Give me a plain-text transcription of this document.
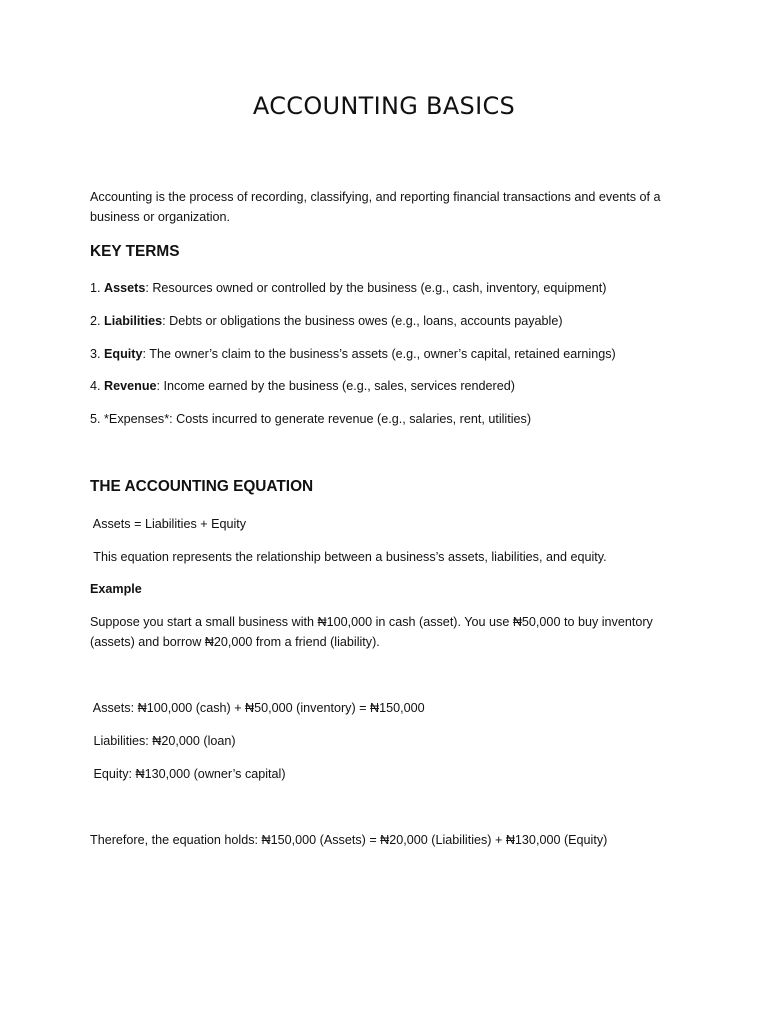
ACCOUNTING BASICS

Accounting is the process of recording, classifying, and reporting financial transactions and events of a business or organization.

KEY TERMS

1. Assets: Resources owned or controlled by the business (e.g., cash, inventory, equipment)

2. Liabilities: Debts or obligations the business owes (e.g., loans, accounts payable)

3. Equity: The owner’s claim to the business’s assets (e.g., owner’s capital, retained earnings)

4. Revenue: Income earned by the business (e.g., sales, services rendered)

5. *Expenses*: Costs incurred to generate revenue (e.g., salaries, rent, utilities)

THE ACCOUNTING EQUATION

Assets = Liabilities + Equity

This equation represents the relationship between a business’s assets, liabilities, and equity.

Example

Suppose you start a small business with ₦100,000 in cash (asset). You use ₦50,000 to buy inventory (assets) and borrow ₦20,000 from a friend (liability).

Assets: ₦100,000 (cash) + ₦50,000 (inventory) = ₦150,000

Liabilities: ₦20,000 (loan)

Equity: ₦130,000 (owner’s capital)

Therefore, the equation holds: ₦150,000 (Assets) = ₦20,000 (Liabilities) + ₦130,000 (Equity)
